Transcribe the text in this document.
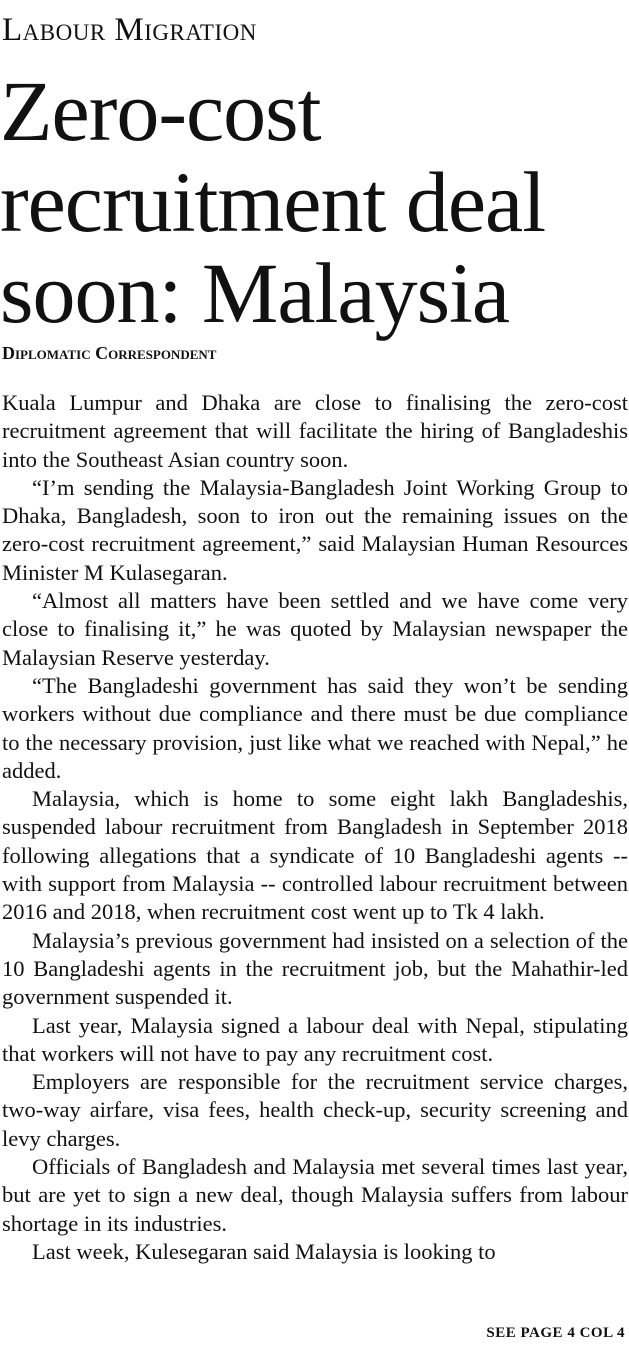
Labour Migration
Zero-cost
recruitment deal
soon: Malaysia
Diplomatic Correspondent

Kuala Lumpur and Dhaka are close to finalising the zero-cost recruitment agreement that will facilitate the hiring of Bangladeshis into the Southeast Asian country soon.

“I’m sending the Malaysia-Bangladesh Joint Working Group to Dhaka, Bangladesh, soon to iron out the remaining issues on the zero-cost recruitment agreement,” said Malaysian Human Resources Minister M Kulasegaran.

“Almost all matters have been settled and we have come very close to finalising it,” he was quoted by Malaysian newspaper the Malaysian Reserve yesterday.

“The Bangladeshi government has said they won’t be sending workers without due compliance and there must be due compliance to the necessary provision, just like what we reached with Nepal,” he added.

Malaysia, which is home to some eight lakh Bangladeshis, suspended labour recruitment from Bangladesh in September 2018 following allegations that a syndicate of 10 Bangladeshi agents -- with support from Malaysia -- controlled labour recruitment between 2016 and 2018, when recruitment cost went up to Tk 4 lakh.

Malaysia’s previous government had insisted on a selection of the 10 Bangladeshi agents in the recruitment job, but the Mahathir-led government suspended it.

Last year, Malaysia signed a labour deal with Nepal, stipulating that workers will not have to pay any recruitment cost.

Employers are responsible for the recruitment service charges, two-way airfare, visa fees, health check-up, security screening and levy charges.

Officials of Bangladesh and Malaysia met several times last year, but are yet to sign a new deal, though Malaysia suffers from labour shortage in its industries.

Last week, Kulesegaran said Malaysia is looking to

SEE PAGE 4 COL 4
